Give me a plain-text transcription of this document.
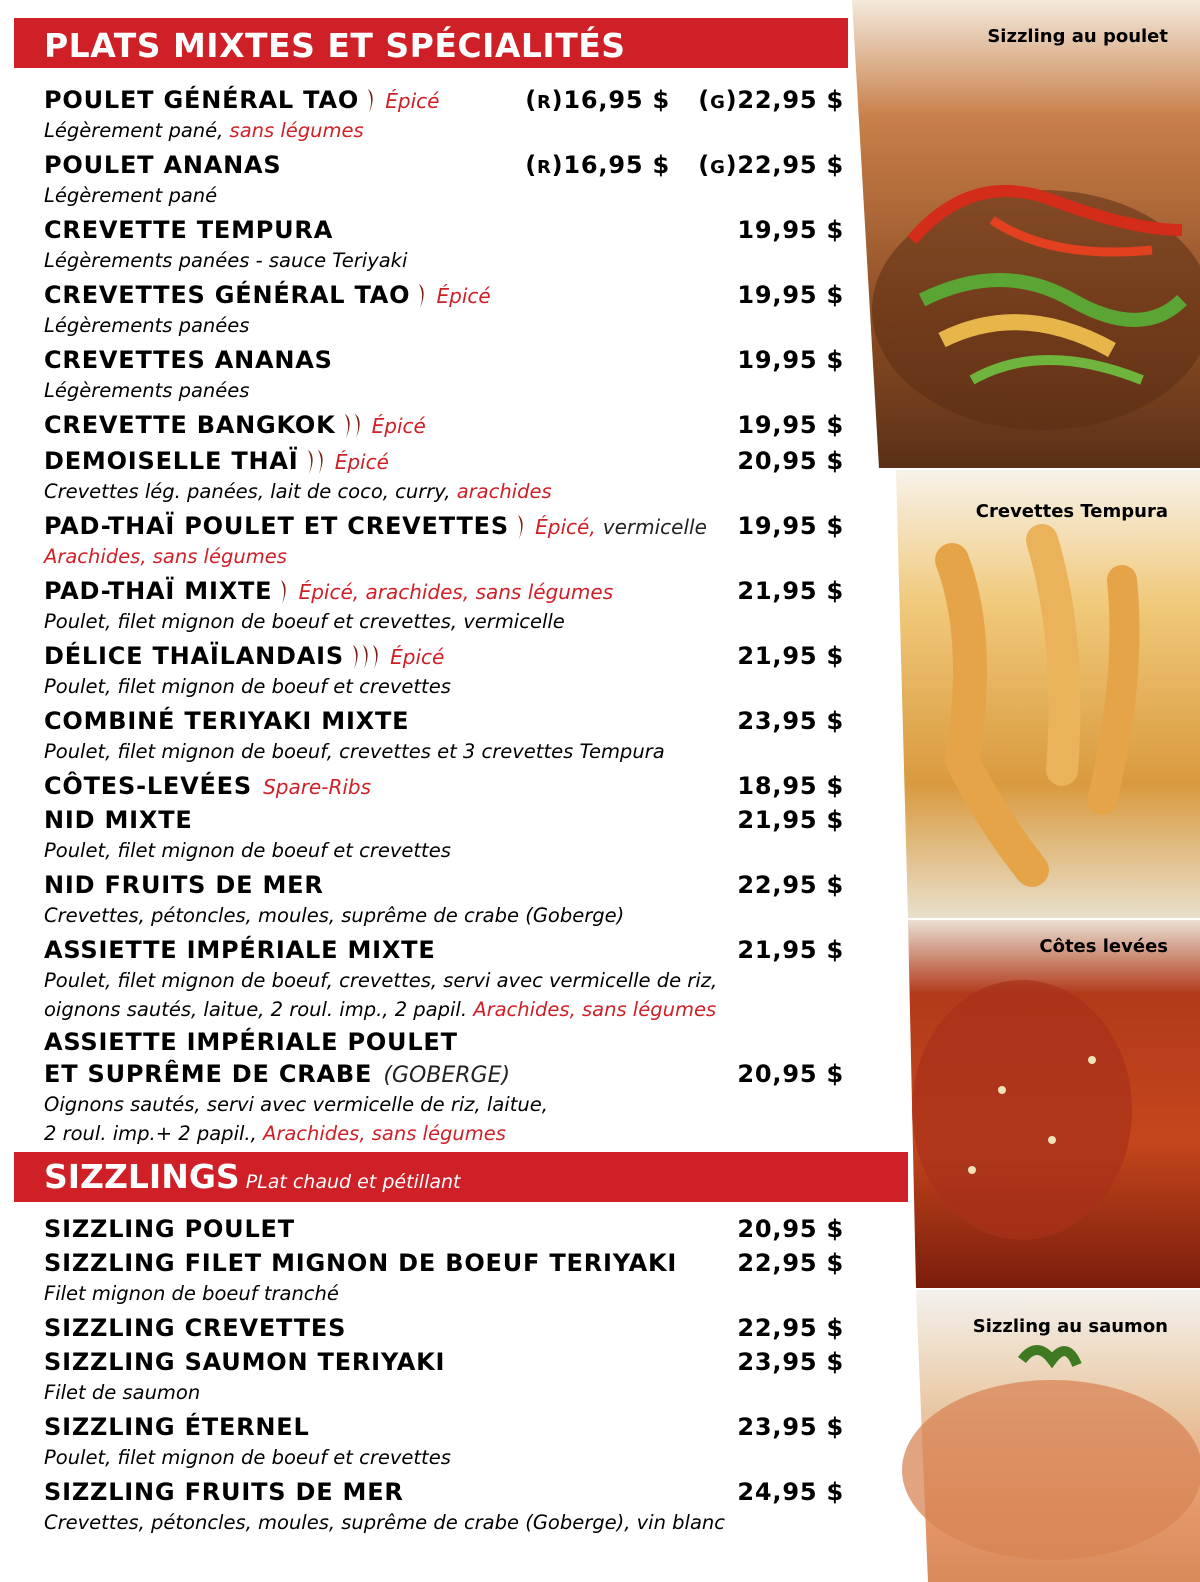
PLATS MIXTES ET SPÉCIALITÉS
POULET GÉNÉRAL TAO Épicé	(R)16,95 $ (G)22,95 $
Légèrement pané, sans légumes
POULET ANANAS	(R)16,95 $ (G)22,95 $
Légèrement pané
CREVETTE TEMPURA	19,95 $
Légèrements panées - sauce Teriyaki
CREVETTES GÉNÉRAL TAO Épicé	19,95 $
Légèrements panées
CREVETTES ANANAS	19,95 $
Légèrements panées
CREVETTE BANGKOK Épicé	19,95 $
DEMOISELLE THAÏ Épicé	20,95 $
Crevettes lég. panées, lait de coco, curry, arachides
PAD-THAÏ POULET ET CREVETTES Épicé, vermicelle 19,95 $
Arachides, sans légumes
PAD-THAÏ MIXTE Épicé, arachides, sans légumes	21,95 $
Poulet, filet mignon de boeuf et crevettes, vermicelle
DÉLICE THAÏLANDAIS Épicé	21,95 $
Poulet, filet mignon de boeuf et crevettes
COMBINÉ TERIYAKI MIXTE	23,95 $
Poulet, filet mignon de boeuf, crevettes et 3 crevettes Tempura
CÔTES-LEVÉES Spare-Ribs	18,95 $
NID MIXTE	21,95 $
Poulet, filet mignon de boeuf et crevettes
NID FRUITS DE MER	22,95 $
Crevettes, pétoncles, moules, suprême de crabe (Goberge)
ASSIETTE IMPÉRIALE MIXTE	21,95 $
Poulet, filet mignon de boeuf, crevettes, servi avec vermicelle de riz,
oignons sautés, laitue, 2 roul. imp., 2 papil. Arachides, sans légumes
ASSIETTE IMPÉRIALE POULET
ET SUPRÊME DE CRABE (GOBERGE)	20,95 $
Oignons sautés, servi avec vermicelle de riz, laitue,
2 roul. imp.+ 2 papil., Arachides, sans légumes
SIZZLINGS PLat chaud et pétillant
SIZZLING POULET	20,95 $
SIZZLING FILET MIGNON DE BOEUF TERIYAKI	22,95 $
Filet mignon de boeuf tranché
SIZZLING CREVETTES	22,95 $
SIZZLING SAUMON TERIYAKI	23,95 $
Filet de saumon
SIZZLING ÉTERNEL	23,95 $
Poulet, filet mignon de boeuf et crevettes
SIZZLING FRUITS DE MER	24,95 $
Crevettes, pétoncles, moules, suprême de crabe (Goberge), vin blanc
Sizzling au poulet
Crevettes Tempura
Côtes levées
Sizzling au saumon
